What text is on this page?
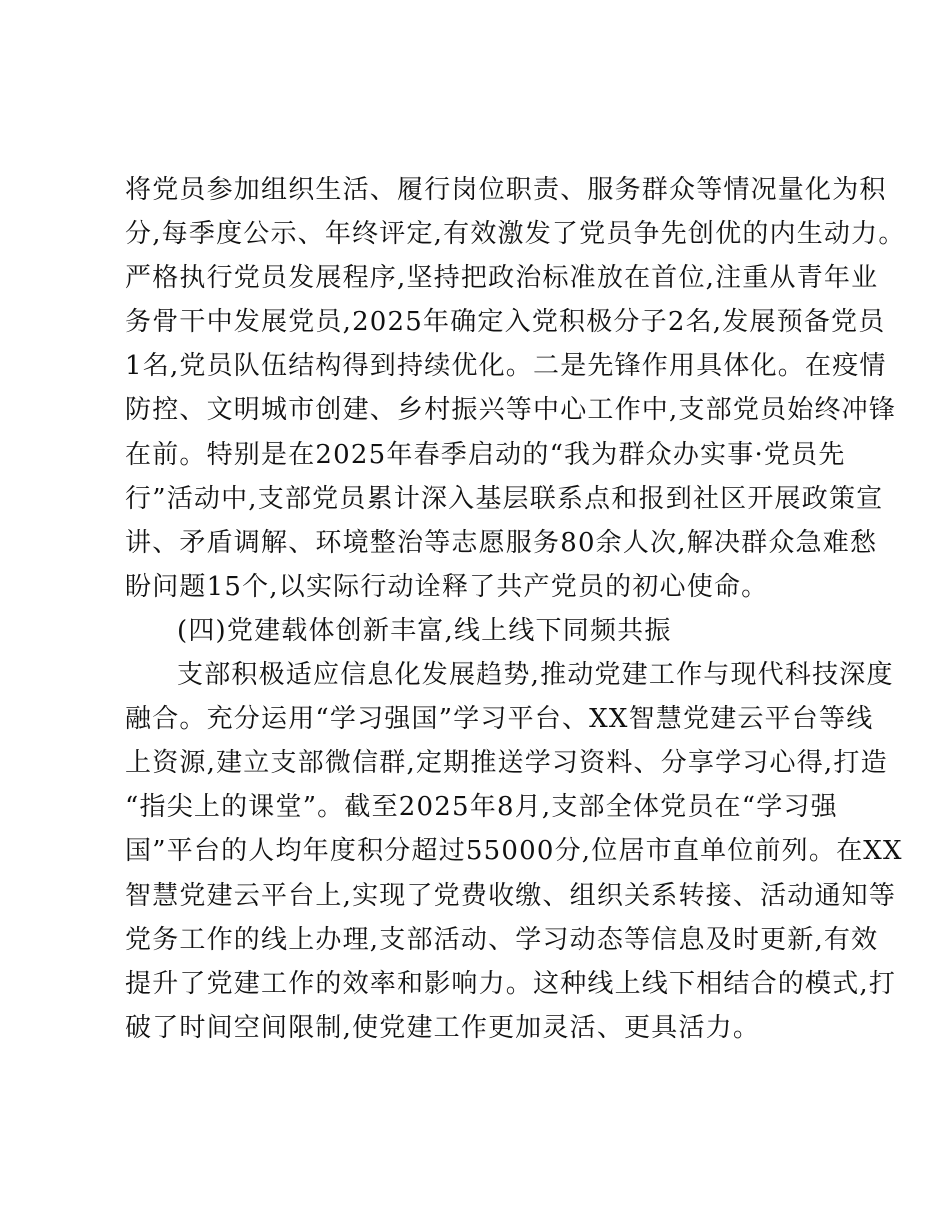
将党员参加组织生活、履行岗位职责、服务群众等情况量化为积
分,每季度公示、年终评定,有效激发了党员争先创优的内生动力。
严格执行党员发展程序,坚持把政治标准放在首位,注重从青年业
务骨干中发展党员,2025年确定入党积极分子2名,发展预备党员
1名,党员队伍结构得到持续优化。二是先锋作用具体化。在疫情
防控、文明城市创建、乡村振兴等中心工作中,支部党员始终冲锋
在前。特别是在2025年春季启动的“我为群众办实事·党员先
行”活动中,支部党员累计深入基层联系点和报到社区开展政策宣
讲、矛盾调解、环境整治等志愿服务80余人次,解决群众急难愁
盼问题15个,以实际行动诠释了共产党员的初心使命。
(四)党建载体创新丰富,线上线下同频共振
支部积极适应信息化发展趋势,推动党建工作与现代科技深度
融合。充分运用“学习强国”学习平台、XX智慧党建云平台等线
上资源,建立支部微信群,定期推送学习资料、分享学习心得,打造
“指尖上的课堂”。截至2025年8月,支部全体党员在“学习强
国”平台的人均年度积分超过55000分,位居市直单位前列。在XX
智慧党建云平台上,实现了党费收缴、组织关系转接、活动通知等
党务工作的线上办理,支部活动、学习动态等信息及时更新,有效
提升了党建工作的效率和影响力。这种线上线下相结合的模式,打
破了时间空间限制,使党建工作更加灵活、更具活力。
